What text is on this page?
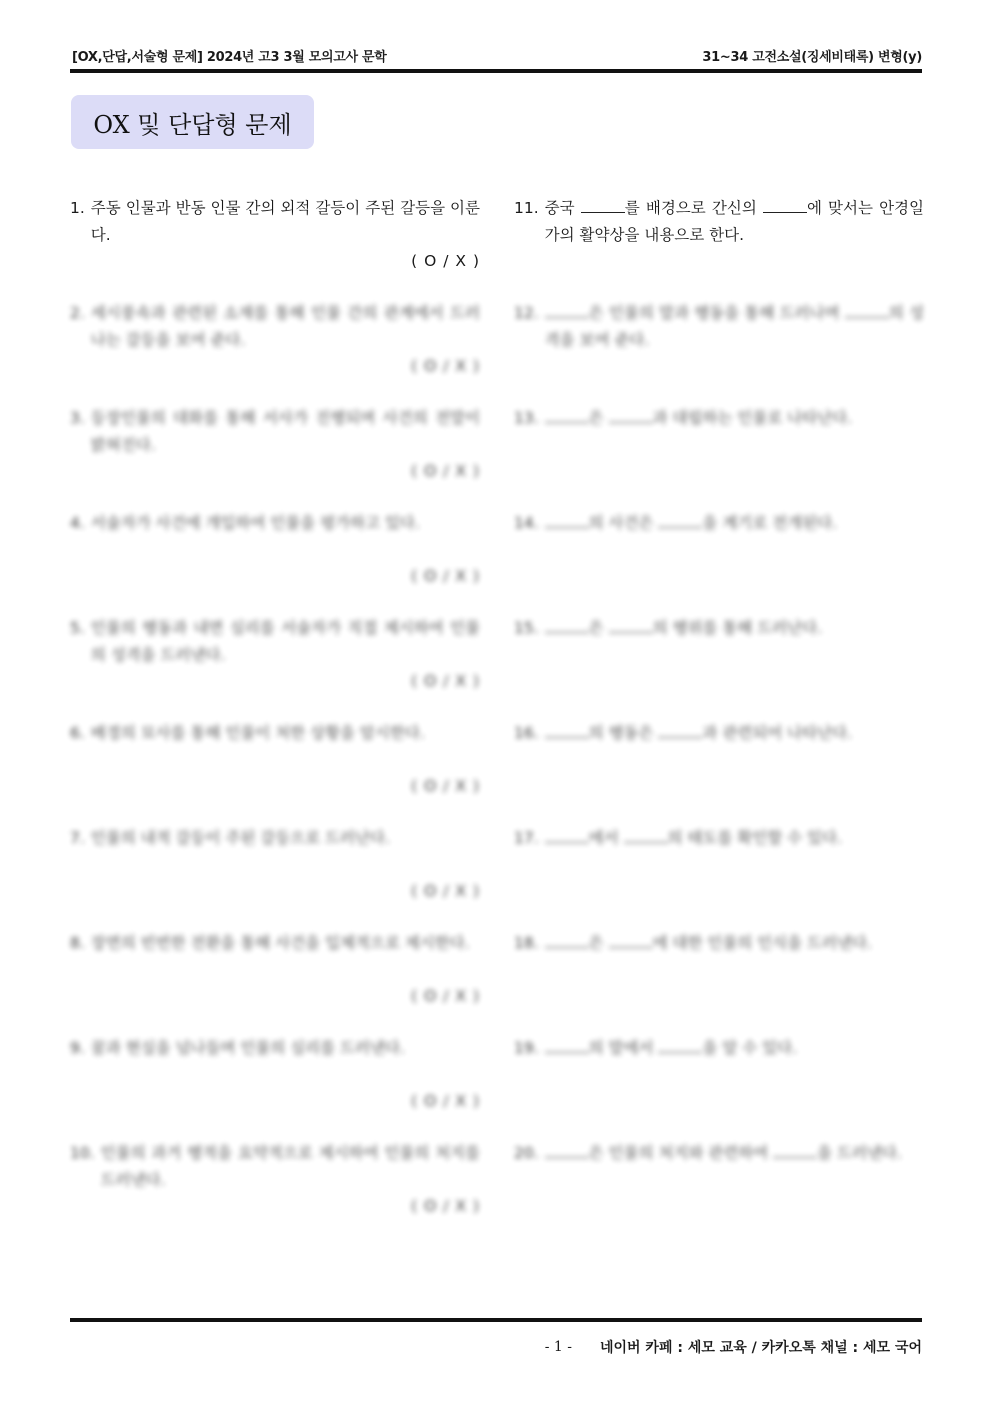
[OX,단답,서술형 문제] 2024년 고3 3월 모의고사 문학	31~34 고전소설(징세비태록) 변형(y)
OX 및 단답형 문제
1. 주동 인물과 반동 인물 간의 외적 갈등이 주된 갈등을 이룬다.
( O / X )
2. 세시풍속과 관련된 소재를 통해 인물 간의 관계에서 드러나는 갈등을 보여 준다.
( O / X )
3. 등장인물의 대화를 통해 서사가 진행되며 사건의 전말이 밝혀진다.
( O / X )
4. 서술자가 사건에 개입하여 인물을 평가하고 있다.
( O / X )
5. 인물의 행동과 내면 심리를 서술자가 직접 제시하여 인물의 성격을 드러낸다.
( O / X )
6. 배경의 묘사를 통해 인물이 처한 상황을 암시한다.
( O / X )
7. 인물의 내적 갈등이 주된 갈등으로 드러난다.
( O / X )
8. 장면의 빈번한 전환을 통해 사건을 입체적으로 제시한다.
( O / X )
9. 꿈과 현실을 넘나들며 인물의 심리를 드러낸다.
( O / X )
10. 인물의 과거 행적을 요약적으로 제시하여 인물의 처지를 드러낸다.
( O / X )
11. 중국	를 배경으로 간신의	에 맞서는 안경일가의 활약상을 내용으로 한다.
12.	은 인물의 말과 행동을 통해 드러나며	의 성격을 보여 준다.
13.	은	과 대립하는 인물로 나타난다.
14.	의 사건은	을 계기로 전개된다.
15.	은	의 행위를 통해 드러난다.
16.	의 행동은	과 관련되어 나타난다.
17.	에서	의 태도를 확인할 수 있다.
18.	은	에 대한 인물의 인식을 드러낸다.
19.	의 말에서	을 알 수 있다.
20.	은 인물의 처지와 관련하여	을 드러낸다.
- 1 - 네이버 카페 : 세모 교육 / 카카오톡 채널 : 세모 국어
